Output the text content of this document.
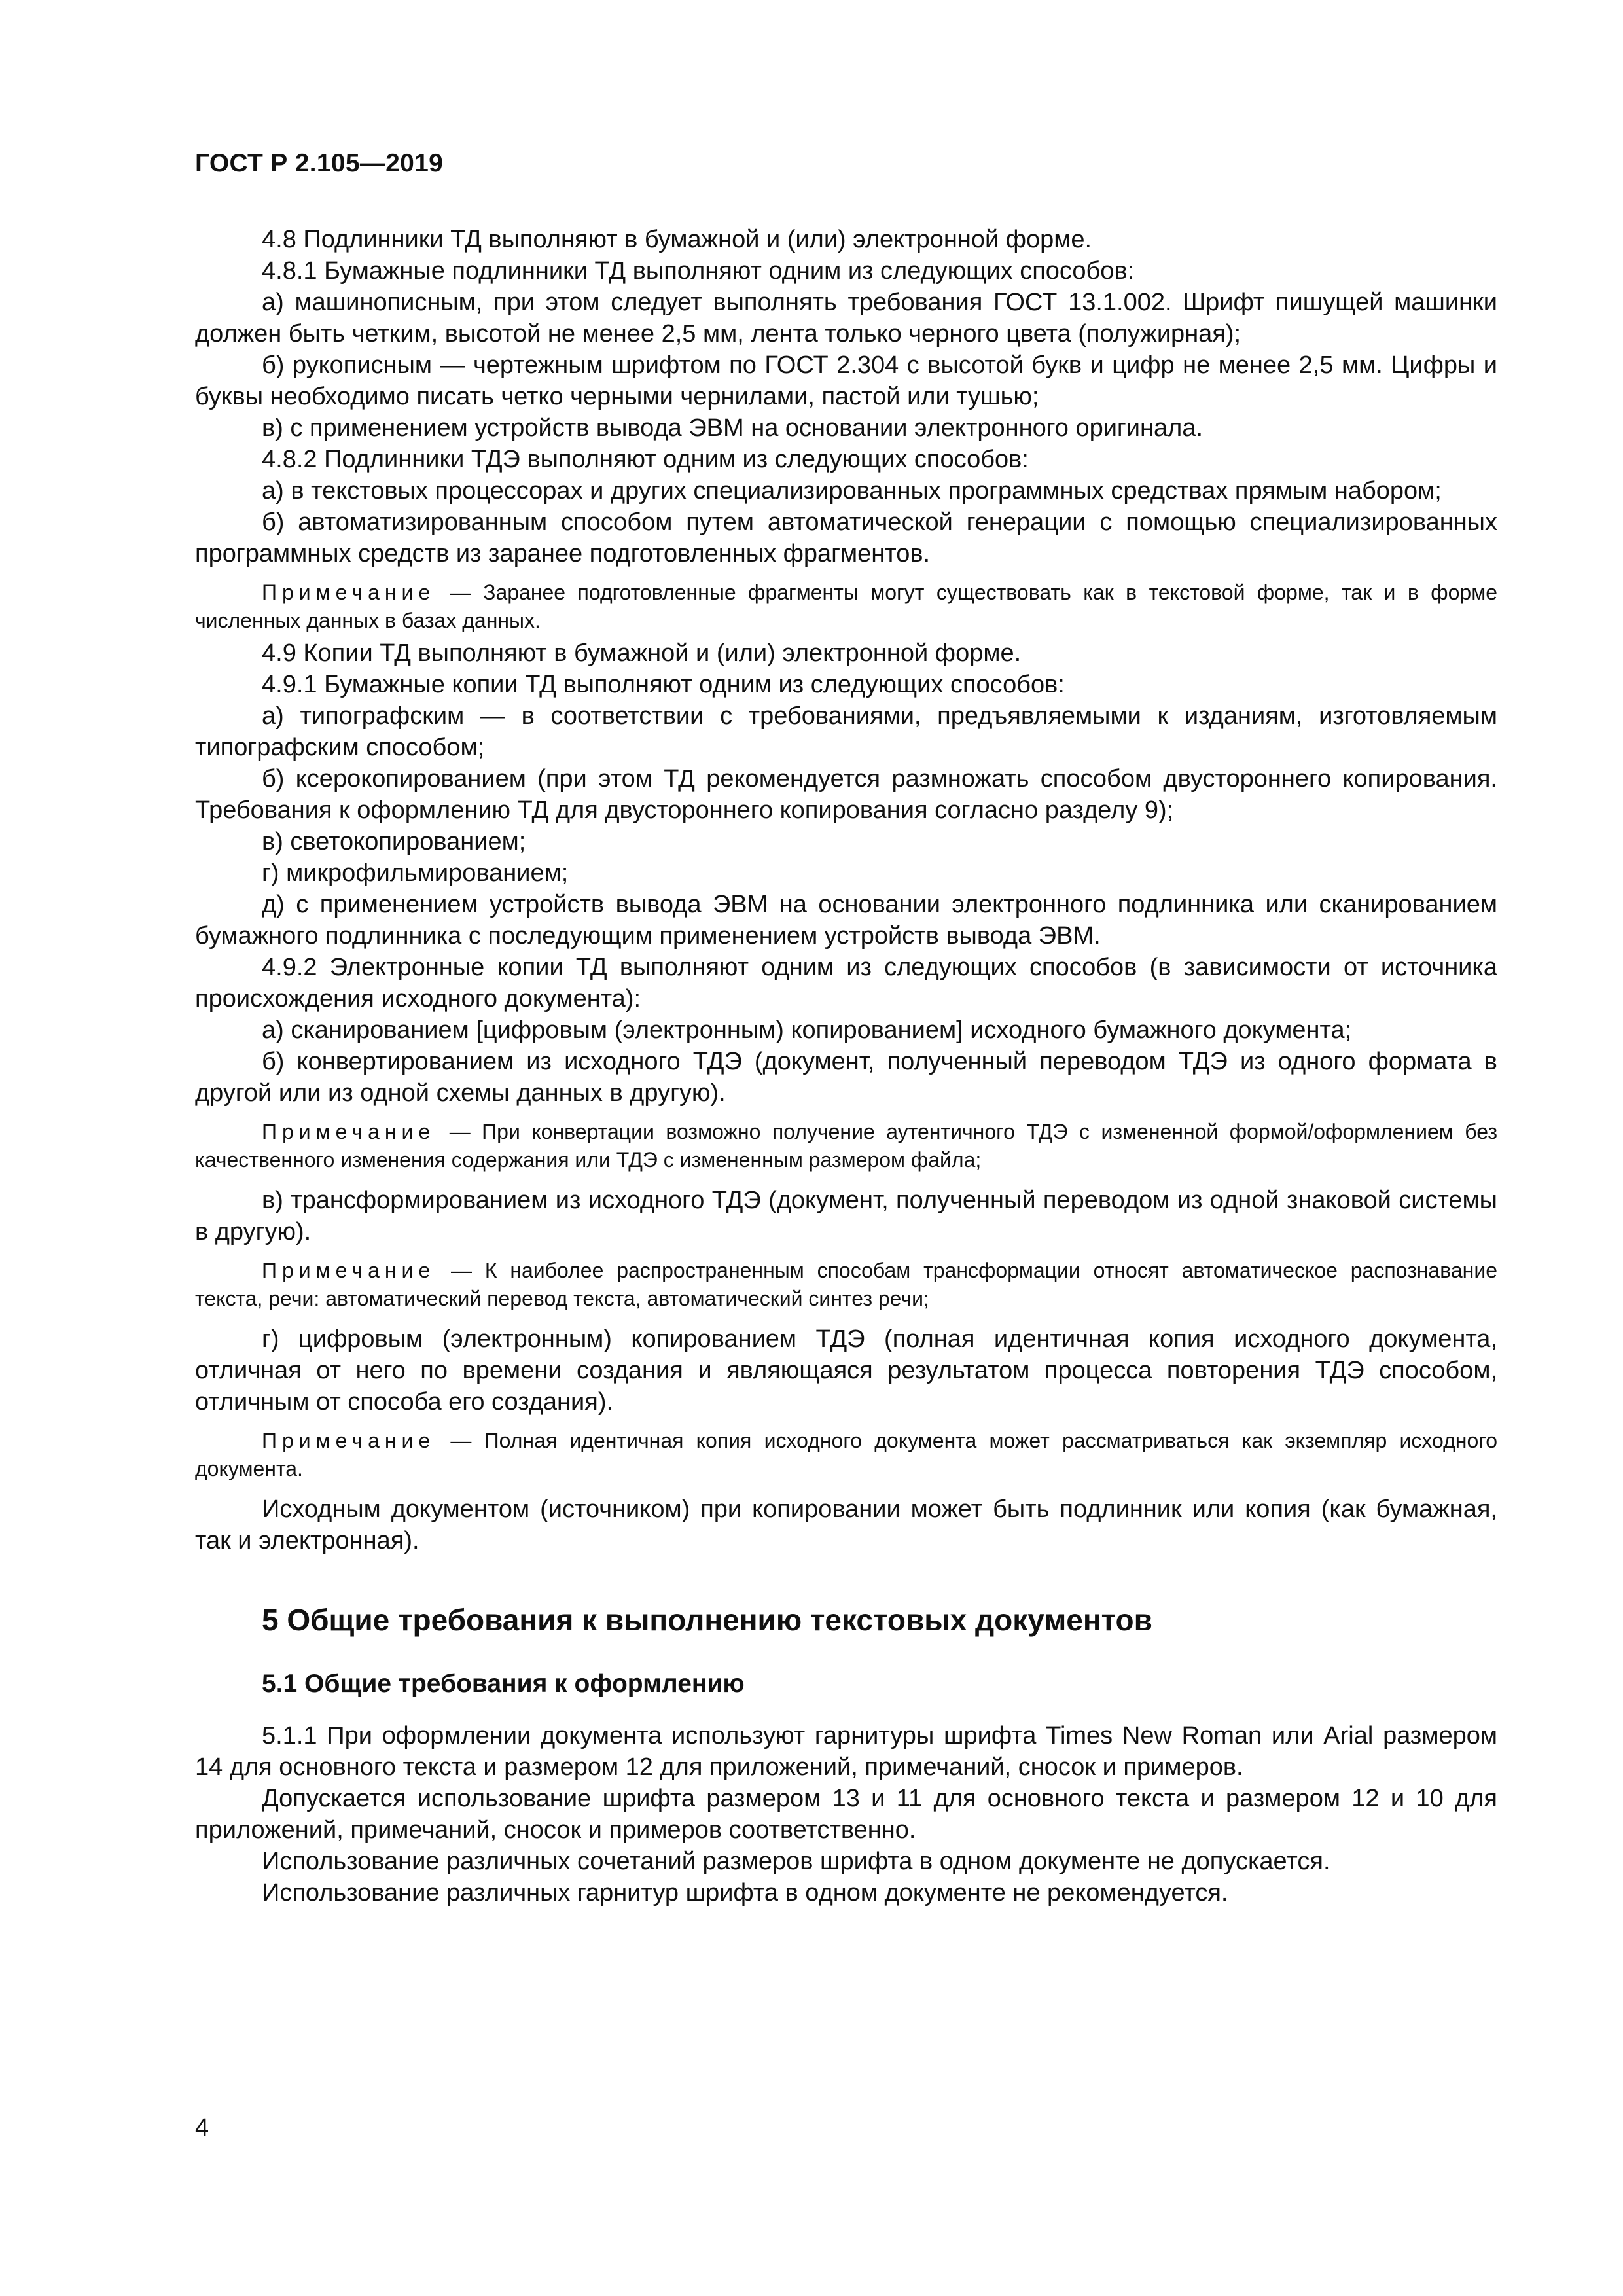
ГОСТ Р 2.105—2019

4.8 Подлинники ТД выполняют в бумажной и (или) электронной форме.

4.8.1 Бумажные подлинники ТД выполняют одним из следующих способов:

а) машинописным, при этом следует выполнять требования ГОСТ 13.1.002. Шрифт пишущей машинки должен быть четким, высотой не менее 2,5 мм, лента только черного цвета (полужирная);

б) рукописным — чертежным шрифтом по ГОСТ 2.304 с высотой букв и цифр не менее 2,5 мм. Цифры и буквы необходимо писать четко черными чернилами, пастой или тушью;

в) с применением устройств вывода ЭВМ на основании электронного оригинала.

4.8.2 Подлинники ТДЭ выполняют одним из следующих способов:

а) в текстовых процессорах и других специализированных программных средствах прямым набором;

б) автоматизированным способом путем автоматической генерации с помощью специализированных программных средств из заранее подготовленных фрагментов.

Примечание — Заранее подготовленные фрагменты могут существовать как в текстовой форме, так и в форме численных данных в базах данных.

4.9 Копии ТД выполняют в бумажной и (или) электронной форме.

4.9.1 Бумажные копии ТД выполняют одним из следующих способов:

а) типографским — в соответствии с требованиями, предъявляемыми к изданиям, изготовляемым типографским способом;

б) ксерокопированием (при этом ТД рекомендуется размножать способом двустороннего копирования. Требования к оформлению ТД для двустороннего копирования согласно разделу 9);

в) светокопированием;

г) микрофильмированием;

д) с применением устройств вывода ЭВМ на основании электронного подлинника или сканированием бумажного подлинника с последующим применением устройств вывода ЭВМ.

4.9.2 Электронные копии ТД выполняют одним из следующих способов (в зависимости от источника происхождения исходного документа):

а) сканированием [цифровым (электронным) копированием] исходного бумажного документа;

б) конвертированием из исходного ТДЭ (документ, полученный переводом ТДЭ из одного формата в другой или из одной схемы данных в другую).

Примечание — При конвертации возможно получение аутентичного ТДЭ с измененной формой/оформлением без качественного изменения содержания или ТДЭ с измененным размером файла;

в) трансформированием из исходного ТДЭ (документ, полученный переводом из одной знаковой системы в другую).

Примечание — К наиболее распространенным способам трансформации относят автоматическое распознавание текста, речи: автоматический перевод текста, автоматический синтез речи;

г) цифровым (электронным) копированием ТДЭ (полная идентичная копия исходного документа, отличная от него по времени создания и являющаяся результатом процесса повторения ТДЭ способом, отличным от способа его создания).

Примечание — Полная идентичная копия исходного документа может рассматриваться как экземпляр исходного документа.

Исходным документом (источником) при копировании может быть подлинник или копия (как бумажная, так и электронная).

5 Общие требования к выполнению текстовых документов
5.1 Общие требования к оформлению

5.1.1 При оформлении документа используют гарнитуры шрифта Times New Roman или Arial размером 14 для основного текста и размером 12 для приложений, примечаний, сносок и примеров.

Допускается использование шрифта размером 13 и 11 для основного текста и размером 12 и 10 для приложений, примечаний, сносок и примеров соответственно.

Использование различных сочетаний размеров шрифта в одном документе не допускается.

Использование различных гарнитур шрифта в одном документе не рекомендуется.

4
